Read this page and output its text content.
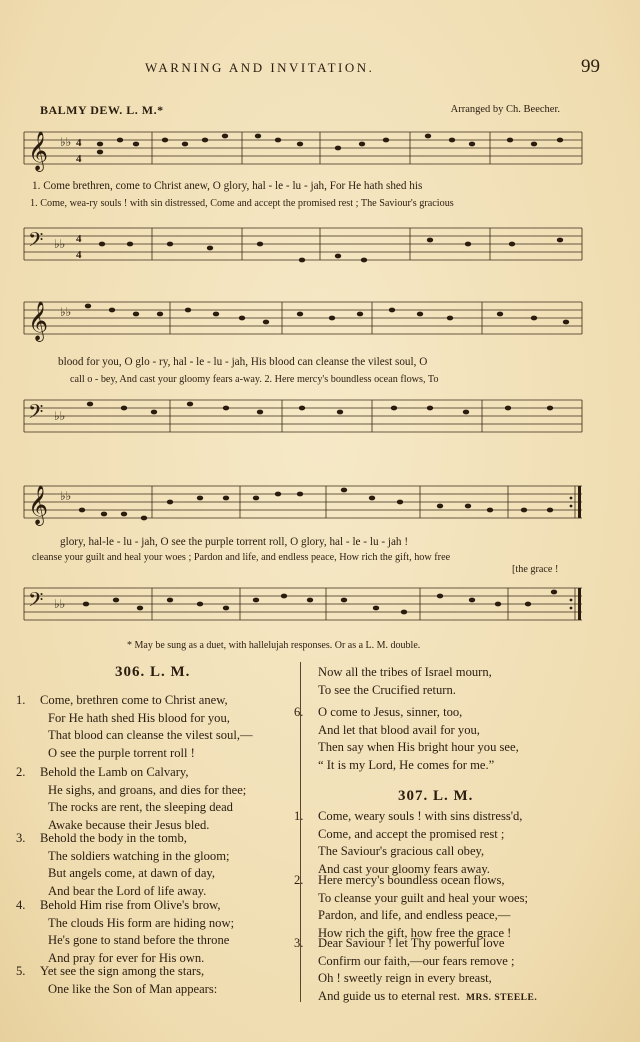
WARNING AND INVITATION.	99
BALMY DEW. L. M.*	Arranged by Ch. Beecher.
𝄞 ♭♭ 4
4
1. Come brethren, come to Christ anew, O glory, hal - le - lu - jah, For He hath shed his
1. Come, wea-ry souls ! with sin distressed, Come and accept the promised rest ; The Saviour's gracious
𝄢 ♭♭ 4
4
𝄞 ♭♭
blood for you, O glo - ry, hal - le - lu - jah, His blood can cleanse the vilest soul, O
call o - bey, And cast your gloomy fears a-way. 2. Here mercy's boundless ocean flows, To
𝄢 ♭♭
𝄞 ♭♭
glory, hal-le - lu - jah, O see the purple torrent roll, O glory, hal - le - lu - jah !
cleanse your guilt and heal your woes ; Pardon and life, and endless peace, How rich the gift, how free
[the grace !
𝄢 ♭♭
* May be sung as a duet, with hallelujah responses. Or as a L. M. double.
306. L. M.
1. Come, brethren come to Christ anew,
For He hath shed His blood for you,
That blood can cleanse the vilest soul,—
O see the purple torrent roll !
2. Behold the Lamb on Calvary,
He sighs, and groans, and dies for thee;
The rocks are rent, the sleeping dead
Awake because their Jesus bled.
3. Behold the body in the tomb,
The soldiers watching in the gloom;
But angels come, at dawn of day,
And bear the Lord of life away.
4. Behold Him rise from Olive's brow,
The clouds His form are hiding now;
He's gone to stand before the throne
And pray for ever for His own.
5. Yet see the sign among the stars,
One like the Son of Man appears:
Now all the tribes of Israel mourn,
To see the Crucified return.
6. O come to Jesus, sinner, too,
And let that blood avail for you,
Then say when His bright hour you see,
“ It is my Lord, He comes for me.”
307. L. M.
1. Come, weary souls ! with sins distress'd,
Come, and accept the promised rest ;
The Saviour's gracious call obey,
And cast your gloomy fears away.
2. Here mercy's boundless ocean flows,
To cleanse your guilt and heal your woes;
Pardon, and life, and endless peace,—
How rich the gift, how free the grace !
3. Dear Saviour ! let Thy powerful love
Confirm our faith,—our fears remove ;
Oh ! sweetly reign in every breast,
And guide us to eternal rest. MRS. STEELE.
